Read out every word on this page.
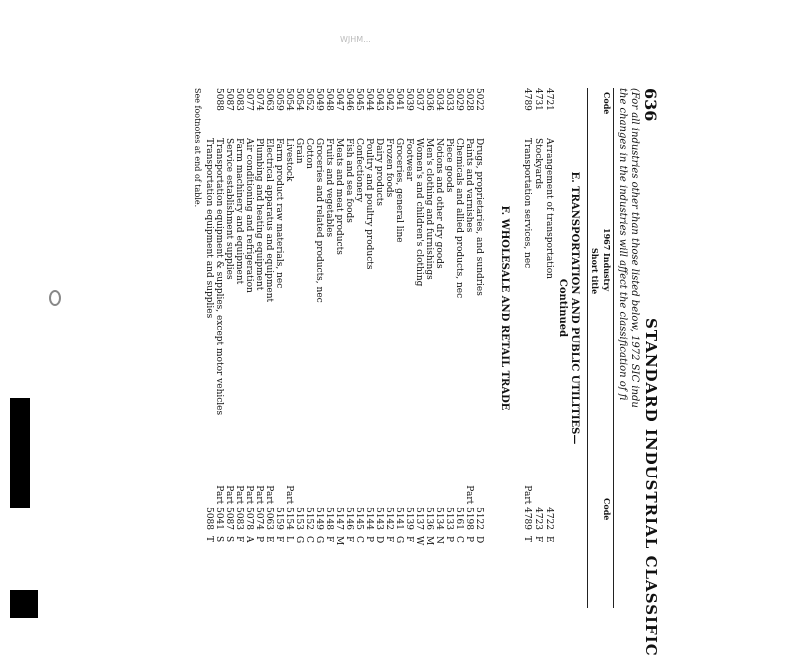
WJHM...
636
STANDARD INDUSTRIAL CLASSIFIC
(For all industries other than those listed below, 1972 SIC indu
the changes in the industries will affect the classification of fi
Code
1967 Industry
Short title
Code
E. TRANSPORTATION AND PUBLIC UTILITIES—Continued
4721
Arrangement of transportation
4722
E
4731
Stockyards
4723
F
4789
Transportation services, nec
Part 4789
T
F. WHOLESALE AND RETAIL TRADE
5022
Drugs, proprietaries, and sundries
5122
D
5028
Paints and varnishes
Part 5198
P
5029
Chemicals and allied products, nec
5161
C
5033
Piece goods
5133
P
5034
Notions and other dry goods
5134
N
5036
Men's clothing and furnishings
5136
M
5037
Women's and children's clothing
5137
W
5039
Footwear
5139
F
5041
Groceries, general line
5141
G
5042
Frozen foods
5142
F
5043
Dairy products
5143
D
5044
Poultry and poultry products
5144
P
5045
Confectionery
5145
C
5046
Fish and sea foods
5146
F
5047
Meats and meat products
5147
M
5048
Fruits and vegetables
5148
F
5049
Groceries and related products, nec
5149
G
5052
Cotton
5152
C
5054
Grain
5153
G
5054
Livestock
Part 5154
L
5059
Farm product raw materials, nec
5159
F
5063
Electrical apparatus and equipment
Part 5063
E
5074
Plumbing and heating equipment
Part 5074
P
5077
Air conditioning and refrigeration
Part 5078
A
5083
Farm machinery and equipment
Part 5083
F
5087
Service establishment supplies
Part 5087
S
5088
Transportation equipment & supplies, except motor vehicles
Part 5041
S
Transportation equipment and supplies
5088
T
See footnotes at end of table.
